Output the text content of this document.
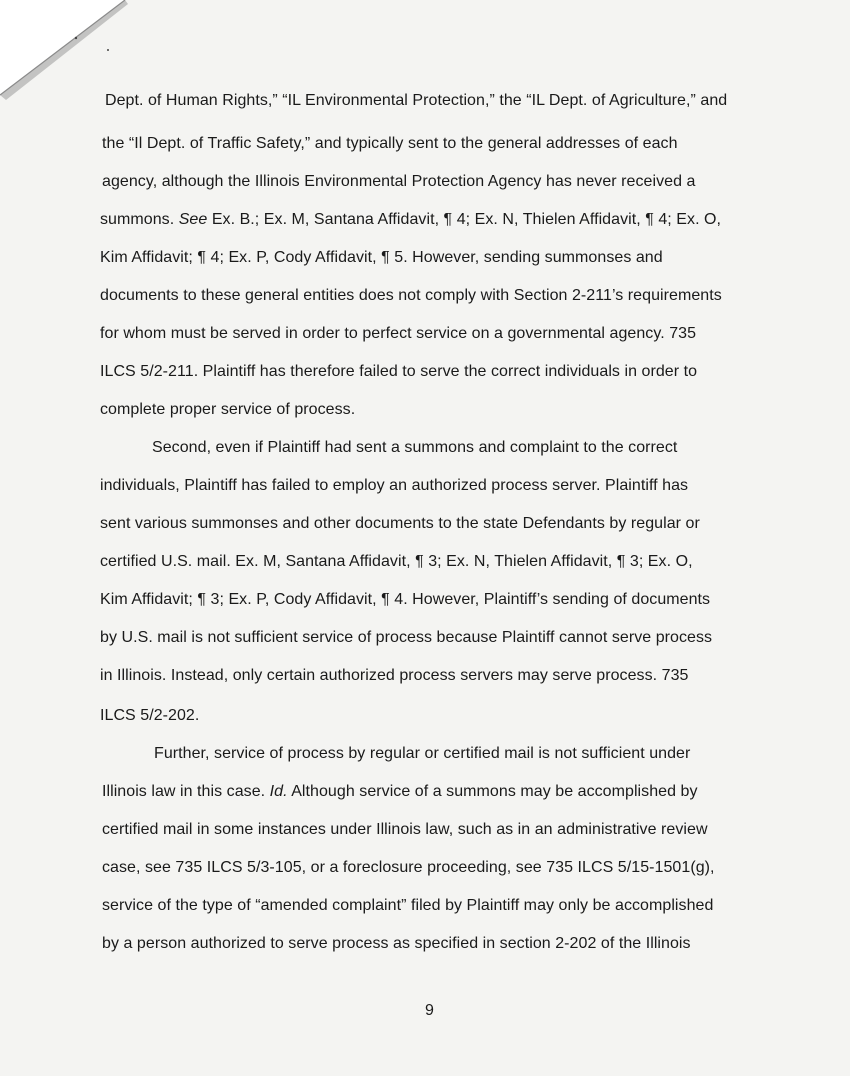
Dept. of Human Rights,” “IL Environmental Protection,” the “IL Dept. of Agriculture,” and
the “Il Dept. of Traffic Safety,” and typically sent to the general addresses of each
agency, although the Illinois Environmental Protection Agency has never received a
summons. See Ex. B.; Ex. M, Santana Affidavit, ¶ 4; Ex. N, Thielen Affidavit, ¶ 4; Ex. O,
Kim Affidavit; ¶ 4; Ex. P, Cody Affidavit, ¶ 5. However, sending summonses and
documents to these general entities does not comply with Section 2-211’s requirements
for whom must be served in order to perfect service on a governmental agency. 735
ILCS 5/2-211. Plaintiff has therefore failed to serve the correct individuals in order to
complete proper service of process.
Second, even if Plaintiff had sent a summons and complaint to the correct
individuals, Plaintiff has failed to employ an authorized process server. Plaintiff has
sent various summonses and other documents to the state Defendants by regular or
certified U.S. mail. Ex. M, Santana Affidavit, ¶ 3; Ex. N, Thielen Affidavit, ¶ 3; Ex. O,
Kim Affidavit; ¶ 3; Ex. P, Cody Affidavit, ¶ 4. However, Plaintiff’s sending of documents
by U.S. mail is not sufficient service of process because Plaintiff cannot serve process
in Illinois. Instead, only certain authorized process servers may serve process. 735
ILCS 5/2-202.
Further, service of process by regular or certified mail is not sufficient under
Illinois law in this case. Id. Although service of a summons may be accomplished by
certified mail in some instances under Illinois law, such as in an administrative review
case, see 735 ILCS 5/3-105, or a foreclosure proceeding, see 735 ILCS 5/15-1501(g),
service of the type of “amended complaint” filed by Plaintiff may only be accomplished
by a person authorized to serve process as specified in section 2-202 of the Illinois
9
